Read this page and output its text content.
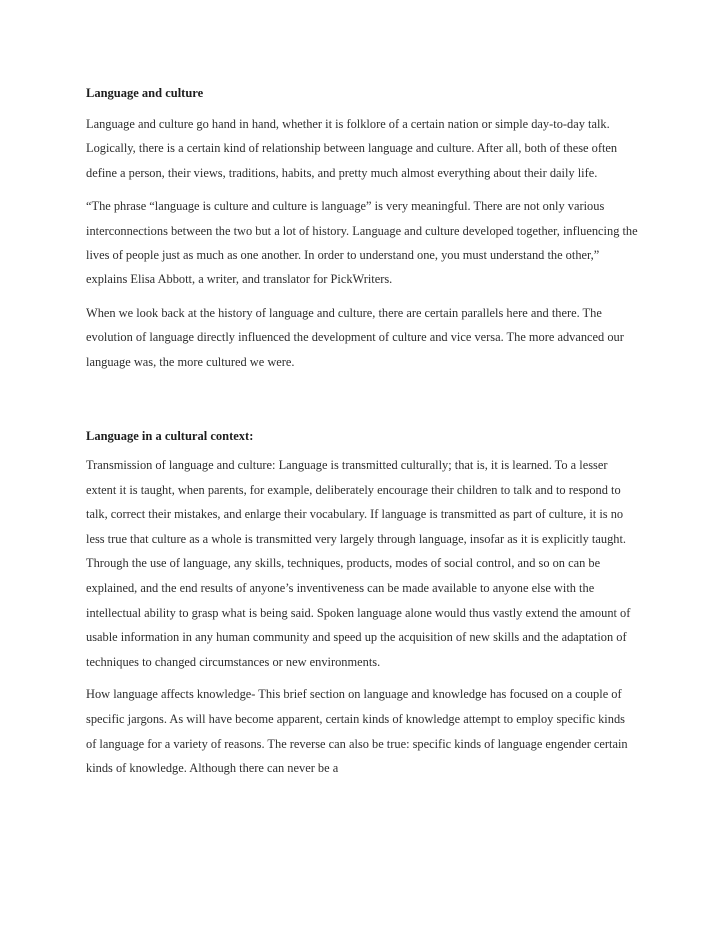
Language and culture

Language and culture go hand in hand, whether it is folklore of a certain nation or simple day-to-day talk. Logically, there is a certain kind of relationship between language and culture. After all, both of these often define a person, their views, traditions, habits, and pretty much almost everything about their daily life.

“The phrase “language is culture and culture is language” is very meaningful. There are not only various interconnections between the two but a lot of history. Language and culture developed together, influencing the lives of people just as much as one another. In order to understand one, you must understand the other,” explains Elisa Abbott, a writer, and translator for PickWriters.

When we look back at the history of language and culture, there are certain parallels here and there. The evolution of language directly influenced the development of culture and vice versa. The more advanced our language was, the more cultured we were.

Language in a cultural context:

Transmission of language and culture: Language is transmitted culturally; that is, it is learned. To a lesser extent it is taught, when parents, for example, deliberately encourage their children to talk and to respond to talk, correct their mistakes, and enlarge their vocabulary. If language is transmitted as part of culture, it is no less true that culture as a whole is transmitted very largely through language, insofar as it is explicitly taught. Through the use of language, any skills, techniques, products, modes of social control, and so on can be explained, and the end results of anyone’s inventiveness can be made available to anyone else with the intellectual ability to grasp what is being said. Spoken language alone would thus vastly extend the amount of usable information in any human community and speed up the acquisition of new skills and the adaptation of techniques to changed circumstances or new environments.

How language affects knowledge- This brief section on language and knowledge has focused on a couple of specific jargons. As will have become apparent, certain kinds of knowledge attempt to employ specific kinds of language for a variety of reasons. The reverse can also be true: specific kinds of language engender certain kinds of knowledge. Although there can never be a
